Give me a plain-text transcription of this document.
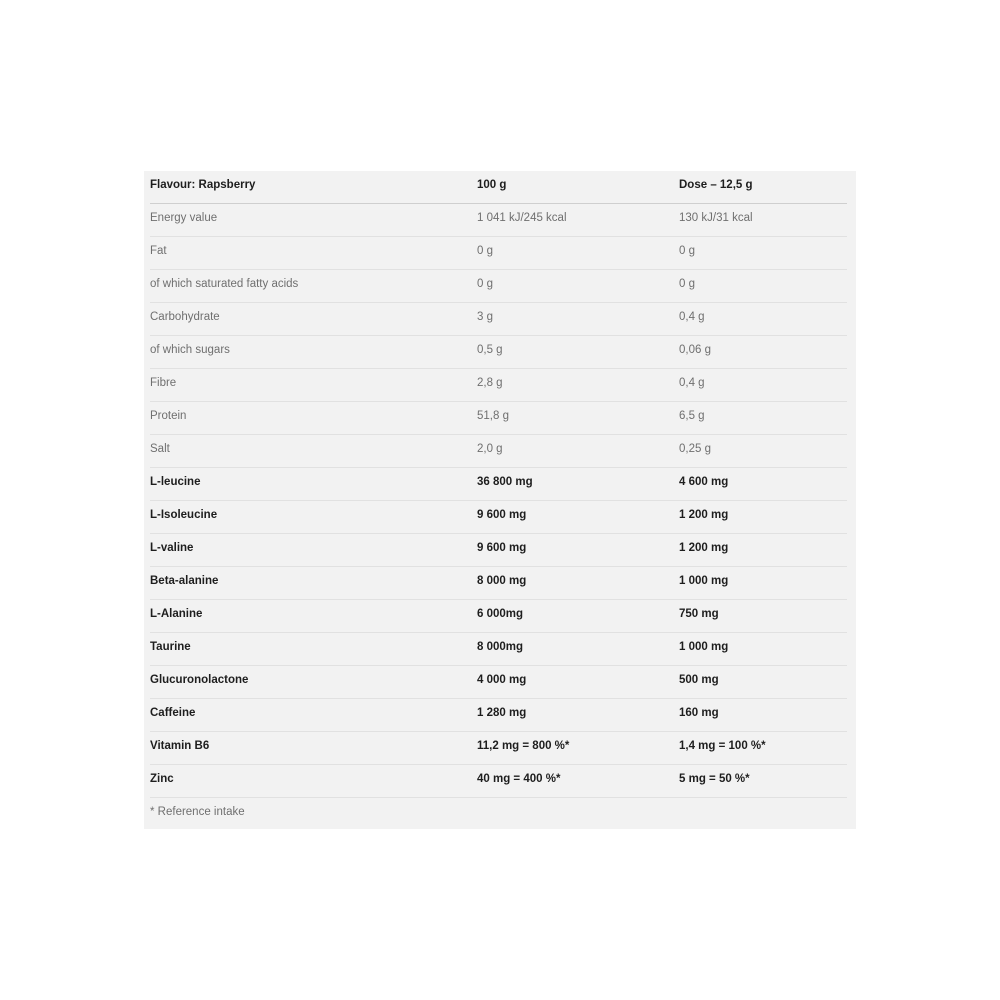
Flavour: Rapsberry	100 g	Dose – 12,5 g
Energy value	1 041 kJ/245 kcal	130 kJ/31 kcal
Fat	0 g	0 g
of which saturated fatty acids	0 g	0 g
Carbohydrate	3 g	0,4 g
of which sugars	0,5 g	0,06 g
Fibre	2,8 g	0,4 g
Protein	51,8 g	6,5 g
Salt	2,0 g	0,25 g
L-leucine	36 800 mg	4 600 mg
L-Isoleucine	9 600 mg	1 200 mg
L-valine	9 600 mg	1 200 mg
Beta-alanine	8 000 mg	1 000 mg
L-Alanine	6 000mg	750 mg
Taurine	8 000mg	1 000 mg
Glucuronolactone	4 000 mg	500 mg
Caffeine	1 280 mg	160 mg
Vitamin B6	11,2 mg = 800 %*	1,4 mg = 100 %*
Zinc	40 mg = 400 %*	5 mg = 50 %*
* Reference intake
